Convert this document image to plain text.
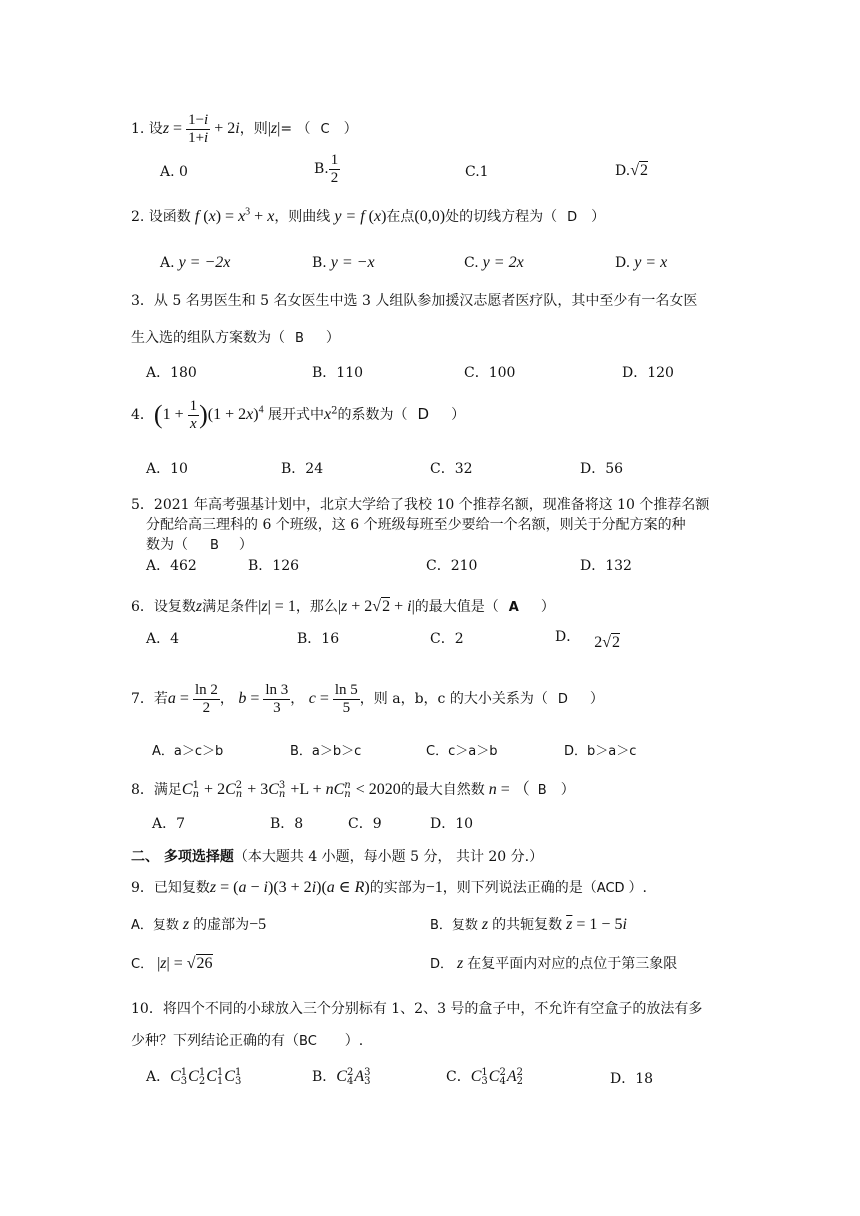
1. 设$z = \frac{1-i}{1+i} + 2i$，则|z|= （ C ）
A. 0	B. $\frac{1}{2}$	C.1	D.√2
2. 设函数 f $(x) = x^3 + x$，则曲线 y = f (x)在点(0,0)处的切线方程为（ D ）
A. y = −2x	B. y = −x	C. y = 2x	D. y = x
3．从 5 名男医生和 5 名女医生中选 3 人组队参加援汉志愿者医疗队，其中至少有一名女医
生入选的组队方案数为（ B ）
A．180	B．110	C．100	D．120
4．$(1 + \frac{1}{x} )(1 + 2x)^4$ 展开式中$x^2$的系数为（ D ）
A．10	B．24	C．32	D．56
5．2021 年高考强基计划中，北京大学给了我校 10 个推荐名额，现准备将这 10 个推荐名额
分配给高三理科的 6 个班级，这 6 个班级每班至少要给一个名额，则关于分配方案的种
数为（ B ）
A．462	B．126	C．210	D．132
6．设复数z满足条件|z| = 1，那么|z + 2√2 + i|的最大值是（ A ）
A．4	B．16	C．2	D． 2√2
7．若$a = \frac{\ln 2}{2}$ ， $b = \frac{\ln 3}{3}$ ， $c = \frac{\ln 5}{5}$ ，则 a，b，c 的大小关系为（ D ）
A．a＞c＞b	B．a＞b＞c	C．c＞a＞b	D．b＞a＞c
8．满足C1
n + 2C2
n + 3C3
n +L + nCn
n < 2020的最大自然数 n = （ B ）
A．7	B．8	C．9	D．10
二、 多项选择题（本大题共 4 小题，每小题 5 分， 共计 20 分.）
9．已知复数z = (a − i)(3 + 2i)(a ∈ R)的实部为−1，则下列说法正确的是（ACD ）.
A．复数 z 的虚部为−5	B．复数 z 的共轭复数 $\overline{z} = 1 - 5i$
C． |z| = √26	D． z 在复平面内对应的点位于第三象限
10．将四个不同的小球放入三个分别标有 1、2、3 号的盒子中，不允许有空盒子的放法有多
少种？下列结论正确的有（BC ）.
A．C1
3C1
2C1
1C1
3	B．C2
4A3
3	C．C1
3C2
4A2
2	D．18
